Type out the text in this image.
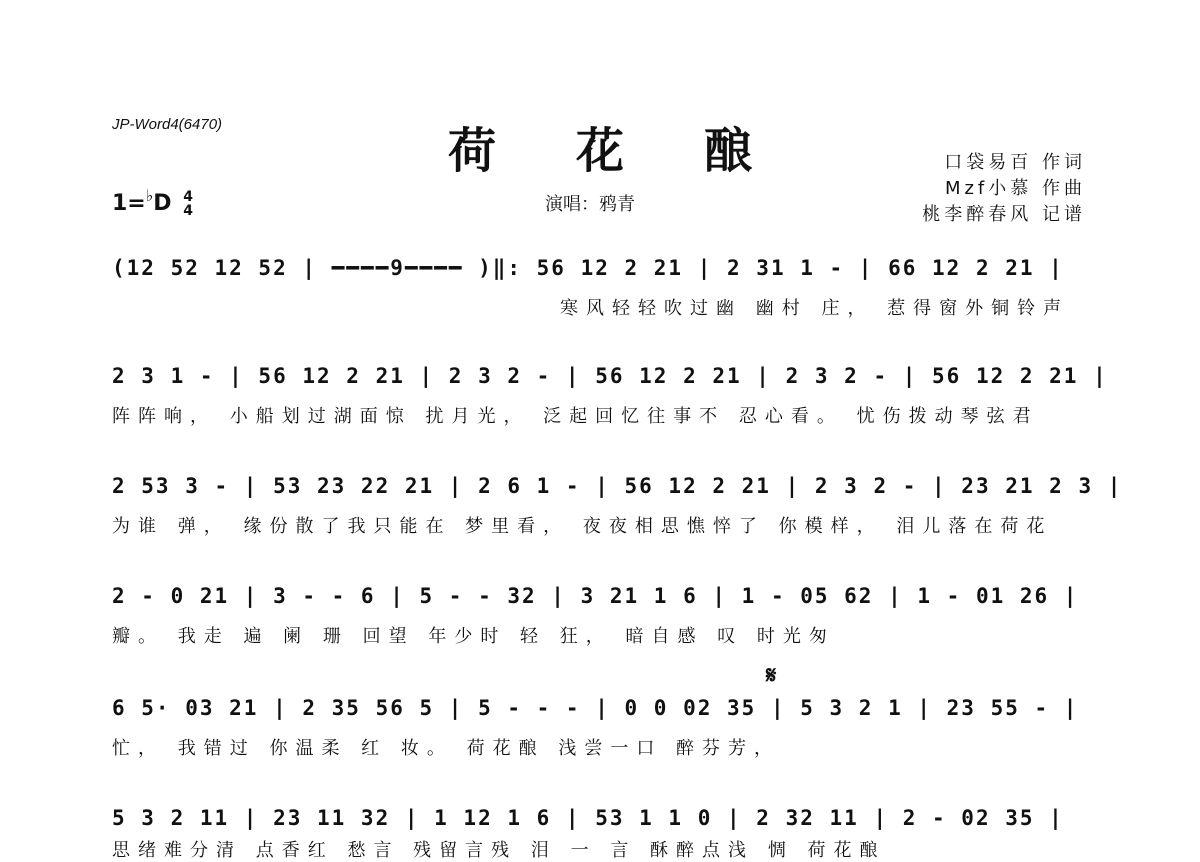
JP-Word4(6470)	荷花酿
1=♭D 4
4	演唱：鸦青
口袋易百 作词
Mzf小慕 作曲
桃李醉春风 记谱
𝄋
(12 52 12 52 | ━━━━9━━━━ )‖: 56 12 2 21 | 2 31 1 - | 66 12 2 21 |
寒风轻轻吹过幽 幽村 庄， 惹得窗外铜铃声
2 3 1 - | 56 12 2 21 | 2 3 2 - | 56 12 2 21 | 2 3 2 - | 56 12 2 21 |
阵阵响， 小船划过湖面惊 扰月光， 泛起回忆往事不 忍心看。 忧伤拨动琴弦君
2 53 3 - | 53 23 22 21 | 2 6 1 - | 56 12 2 21 | 2 3 2 - | 23 21 2 3 |
为谁 弹， 缘份散了我只能在 梦里看， 夜夜相思憔悴了 你模样， 泪儿落在荷花
2 - 0 21 | 3 - - 6 | 5 - - 32 | 3 21 1 6 | 1 - 05 62 | 1 - 01 26 |
瓣。 我走 遍 阑 珊 回望 年少时 轻 狂， 暗自感 叹 时光匆
6 5· 03 21 | 2 35 56 5 | 5 - - - | 0 0 02 35 | 5 3 2 1 | 23 55 - |
忙， 我错过 你温柔 红 妆。 荷花酿 浅尝一口 醉芬芳，
5 3 2 11 | 23 11 32 | 1 12 1 6 | 53 1 1 0 | 2 32 11 | 2 - 02 35 |
思绪难分清 点香红 愁言 残留言残 泪 一 言 酥醉点浅 惆 荷花酿
